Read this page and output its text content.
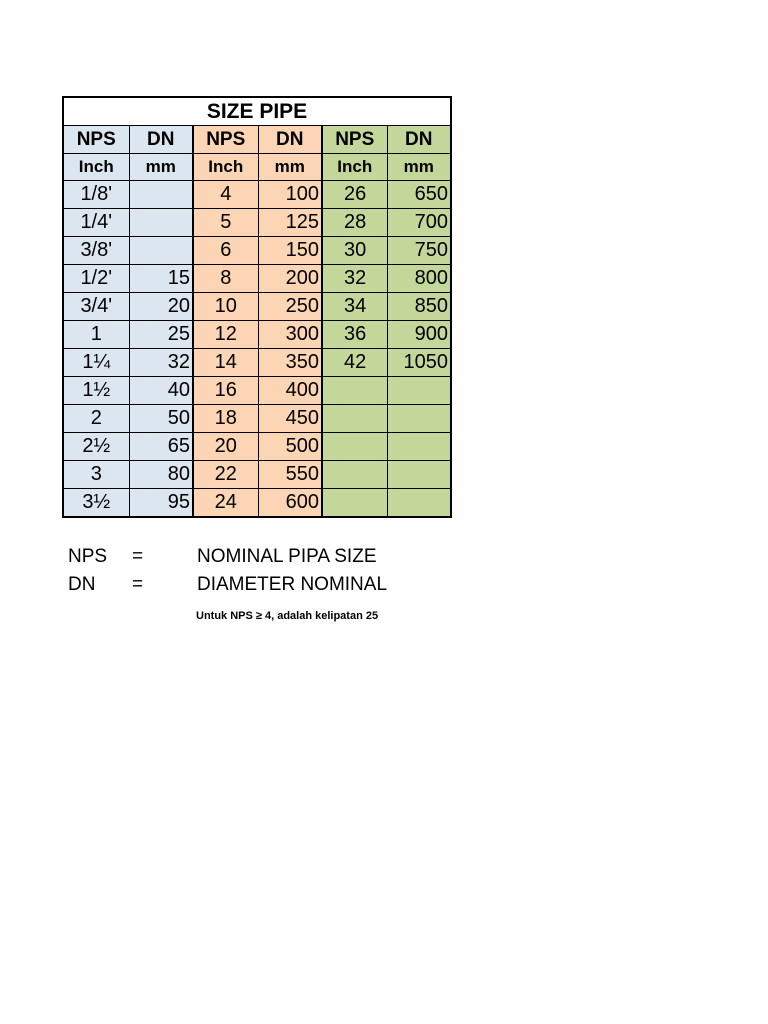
SIZE PIPE					
NPS	DN	NPS	DN	NPS	DN
Inch	mm	Inch	mm	Inch	mm
1/8'		4	100	26	650
1/4'		5	125	28	700
3/8'		6	150	30	750
1/2'	15	8	200	32	800
3/4'	20	10	250	34	850
1	25	12	300	36	900
1¼	32	14	350	42	1050
1½	40	16	400		
2	50	18	450		
2½	65	20	500		
3	80	22	550		
3½	95	24	600		
NPS =	NOMINAL PIPA SIZE
DN =	DIAMETER NOMINAL
Untuk NPS ≥ 4, adalah kelipatan 25
